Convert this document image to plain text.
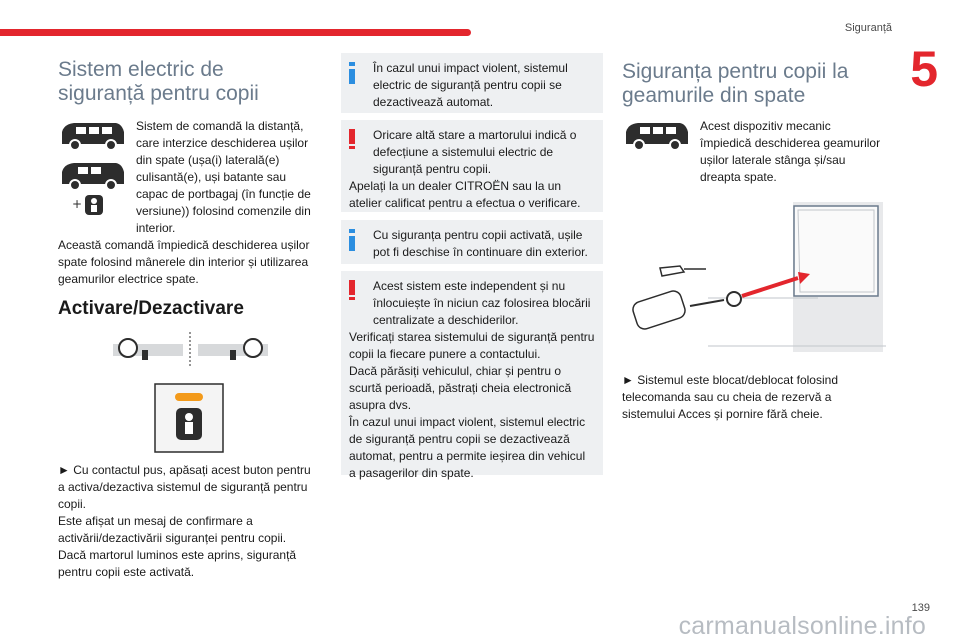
Siguranță
5
Sistem electric de siguranță pentru copii
+

Sistem de comandă la distanță, care interzice deschiderea ușilor din spate (ușa(i) laterală(e) culisantă(e), uși batante sau capac de portbagaj (în funcție de versiune)) folosind comenzile din interior.

Această comandă împiedică deschiderea ușilor spate folosind mânerele din interior și utilizarea geamurilor electrice spate.

Activare/Dezactivare

► Cu contactul pus, apăsați acest buton pentru a activa/dezactiva sistemul de siguranță pentru copii.

Este afișat un mesaj de confirmare a activării/dezactivării siguranței pentru copii.

Dacă martorul luminos este aprins, siguranță pentru copii este activată.

În cazul unui impact violent, sistemul electric de siguranță pentru copii se dezactivează automat.
Oricare altă stare a martorului indică o defecțiune a sistemului electric de siguranță pentru copii.
Apelați la un dealer CITROËN sau la un atelier calificat pentru a efectua o verificare.
Cu siguranța pentru copii activată, ușile pot fi deschise în continuare din exterior.
Acest sistem este independent și nu înlocuiește în niciun caz folosirea blocării centralizate a deschiderilor.
Verificați starea sistemului de siguranță pentru copii la fiecare punere a contactului.
Dacă părăsiți vehiculul, chiar și pentru o scurtă perioadă, păstrați cheia electronică asupra dvs.
În cazul unui impact violent, sistemul electric de siguranță pentru copii se dezactivează automat, pentru a permite ieșirea din vehicul a pasagerilor din spate.
Siguranța pentru copii la geamurile din spate

Acest dispozitiv mecanic împiedică deschiderea geamurilor ușilor laterale stânga și/sau dreapta spate.

► Sistemul este blocat/deblocat folosind telecomanda sau cu cheia de rezervă a sistemului Acces și pornire fără cheie.

139
carmanualsonline.info
